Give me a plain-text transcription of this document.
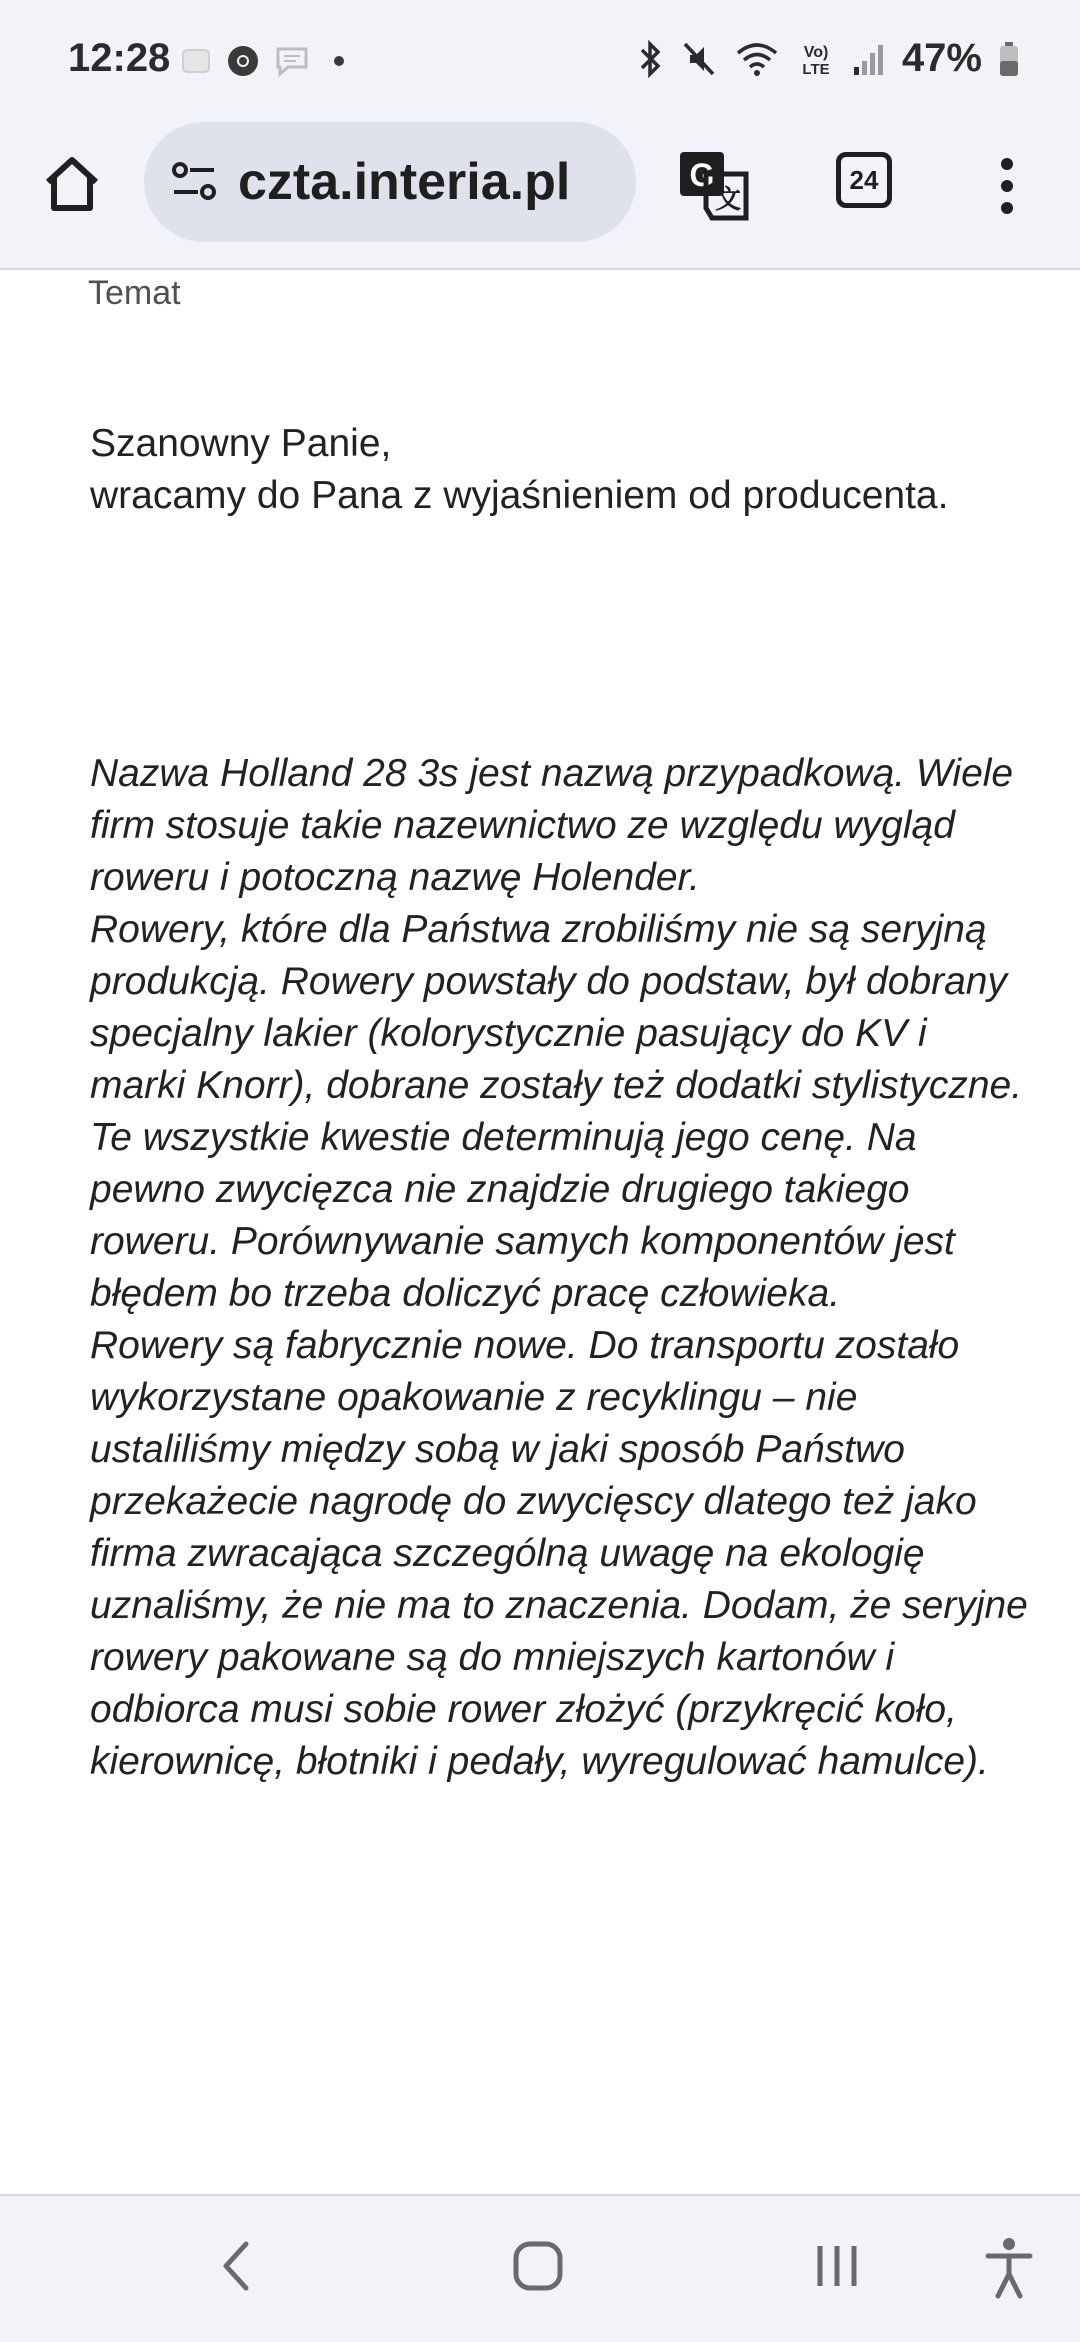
12:28	Vo)
LTE 47%
czta.interia.pl	G
文
24
Temat

Szanowny Panie,

wracamy do Pana z wyjaśnieniem od producenta.

Nazwa Holland 28 3s jest nazwą przypadkową. Wiele firm stosuje takie nazewnictwo ze względu wygląd roweru i potoczną nazwę Holender.

Rowery, które dla Państwa zrobiliśmy nie są seryjną produkcją. Rowery powstały do podstaw, był dobrany specjalny lakier (kolorystycznie pasujący do KV i marki Knorr), dobrane zostały też dodatki stylistyczne. Te wszystkie kwestie determinują jego cenę. Na pewno zwycięzca nie znajdzie drugiego takiego roweru. Porównywanie samych komponentów jest błędem bo trzeba doliczyć pracę człowieka.

Rowery są fabrycznie nowe. Do transportu zostało wykorzystane opakowanie z recyklingu – nie ustaliliśmy między sobą w jaki sposób Państwo przekażecie nagrodę do zwycięscy dlatego też jako firma zwracająca szczególną uwagę na ekologię uznaliśmy, że nie ma to znaczenia. Dodam, że seryjne rowery pakowane są do mniejszych kartonów i odbiorca musi sobie rower złożyć (przykręcić koło, kierownicę, błotniki i pedały, wyregulować hamulce).
